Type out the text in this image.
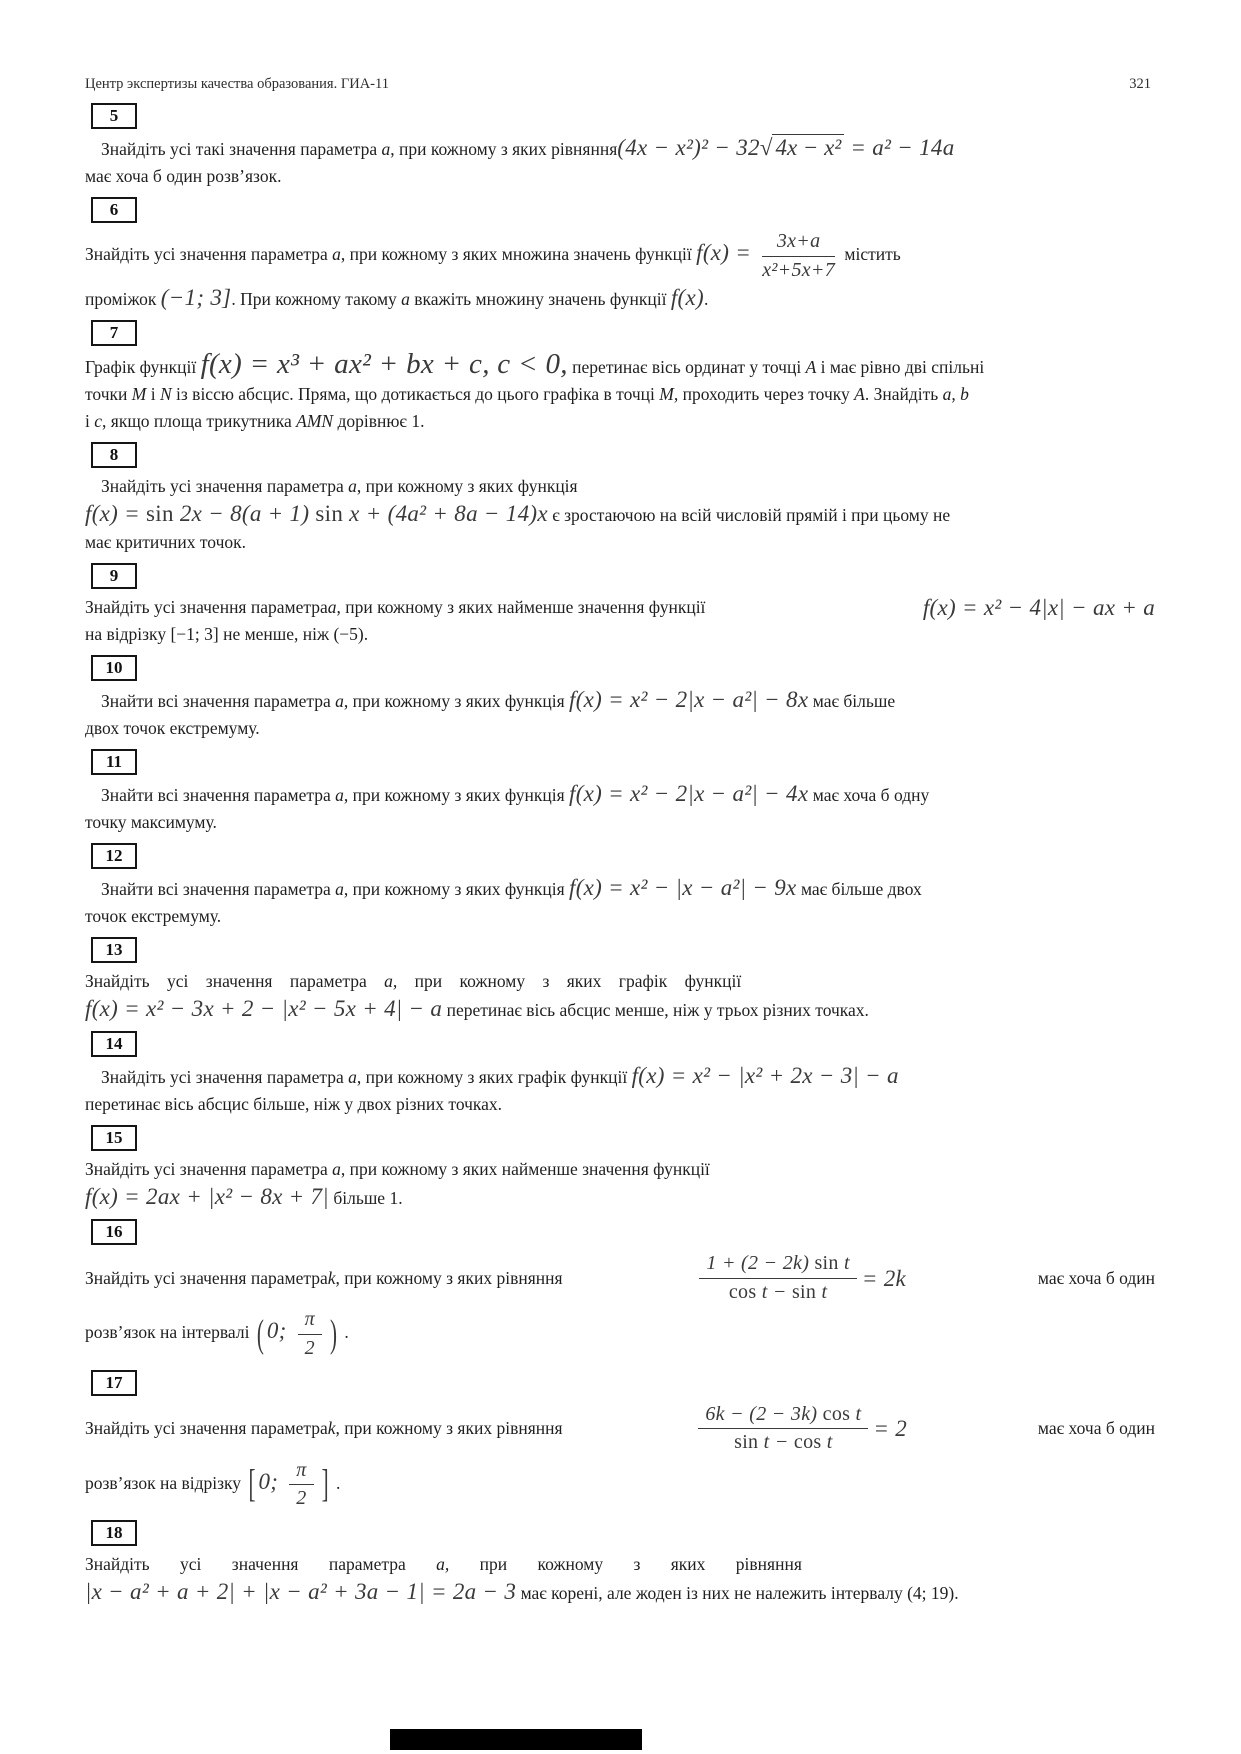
Центр экспертизы качества образования. ГИА-11	321
5
Знайдіть усі такі значення параметра a, при кожному з яких рівняння(4x − x²)² − 32√ 4x − x² = a² − 14a
має хоча б один розв’язок.
6
Знайдіть усі значення параметра a, при кожному з яких множина значень функції $f(x) = \frac{3x+a}{\text{x²+5x+7}}$ містить
проміжок (−1; 3]. При кожному такому a вкажіть множину значень функції f(x).
7
Графік функції f(x) = x³ + ax² + bx + c, c < 0, перетинає вісь ординат у точці A і має рівно дві спільні
точки M і N із віссю абсцис. Пряма, що дотикається до цього графіка в точці M, проходить через точку A. Знайдіть a, b
і c, якщо площа трикутника AMN дорівнює 1.
8
Знайдіть усі значення параметра a, при кожному з яких функція
f(x) = sin 2x − 8(a + 1) sin x + (4a² + 8a − 14)x є зростаючою на всій числовій прямій і при цьому не
має критичних точок.
9
Знайдіть усі значення параметра a , при кожному з яких найменше значення функції	f(x) = x² − 4|x| − ax + a
на відрізку [−1; 3] не менше, ніж (−5).
10
Знайти всі значення параметра a, при кожному з яких функція f(x) = x² − 2|x − a²| − 8x має більше
двох точок екстремуму.
11
Знайти всі значення параметра a, при кожному з яких функція f(x) = x² − 2|x − a²| − 4x має хоча б одну
точку максимуму.
12
Знайти всі значення параметра a, при кожному з яких функція f(x) = x² − |x − a²| − 9x має більше двох
точок екстремуму.
13
Знайдіть усі значення параметра a, при кожному з яких графік функції
f(x) = x² − 3x + 2 − |x² − 5x + 4| − a перетинає вісь абсцис менше, ніж у трьох різних точках.
14
Знайдіть усі значення параметра a, при кожному з яких графік функції f(x) = x² − |x² + 2x − 3| − a
перетинає вісь абсцис більше, ніж у двох різних точках.
15
Знайдіть усі значення параметра a, при кожному з яких найменше значення функції
f(x) = 2ax + |x² − 8x + 7| більше 1.
16
Знайдіть усі значення параметра k , при кожному з яких рівняння	$\frac{\text{1 + (2 − 2k) sin t}}{\text{cos t − sin t}} = 2k$	має хоча б один
розв’язок на інтервалі ( 0; $\frac{\pi}{2}$ ) .
17
Знайдіть усі значення параметра k , при кожному з яких рівняння	$\frac{\text{6k − (2 − 3k) cos t}}{\text{sin t − cos t}} = 2$	має хоча б один
розв’язок на відрізку [ 0; $\frac{\pi}{2}$ ] .
18
Знайдіть усі значення параметра a, при кожному з яких рівняння
|x − a² + a + 2| + |x − a² + 3a − 1| = 2a − 3 має корені, але жоден із них не належить інтервалу (4; 19).
